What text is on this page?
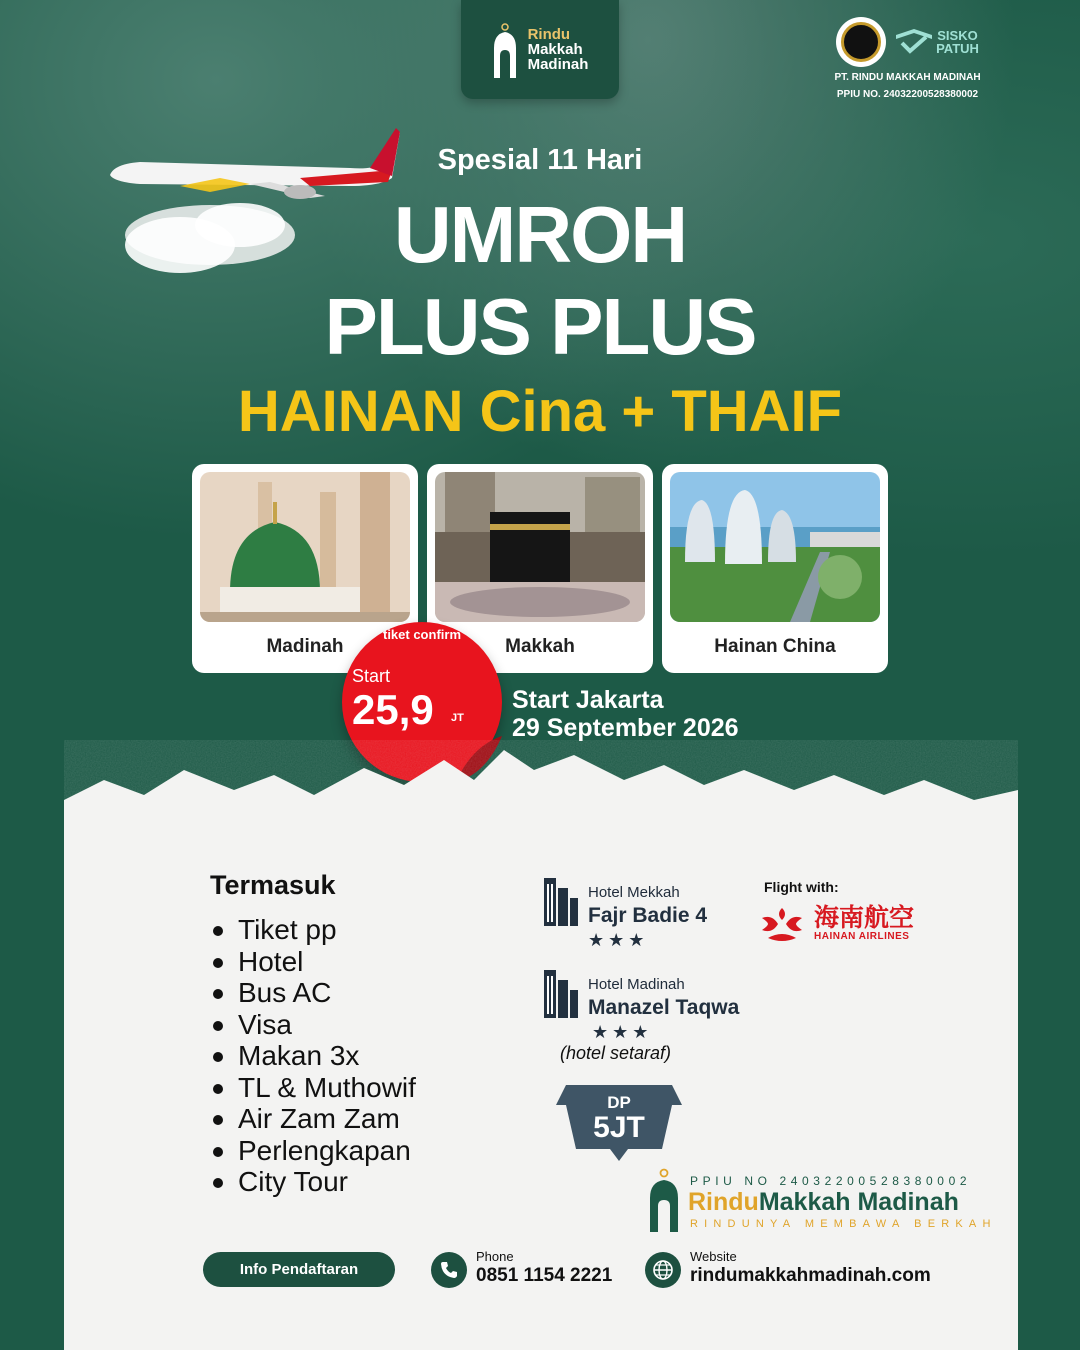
Rindu
Makkah
Madinah
SISKO
PATUH
PT. RINDU MAKKAH MADINAH
PPIU NO. 24032200528380002
Spesial 11 Hari
UMROH
PLUS PLUS
HAINAN Cina + THAIF
Madinah	Makkah	Hainan China
tiket confirm
Start
25,9 JT
Start Jakarta
29 September 2026
Termasuk
Tiket pp
Hotel
Bus AC
Visa
Makan 3x
TL & Muthowif
Air Zam Zam
Perlengkapan
City Tour
Hotel Mekkah
Fajr Badie 4
★★★
Hotel Madinah
Manazel Taqwa
★★★
(hotel setaraf)
Flight with:
海南航空
HAINAN AIRLINES
DP
5JT
PPIU NO 24032200528380002
RinduMakkah Madinah
RINDUNYA MEMBAWA BERKAH
Info Pendaftaran
Phone
0851 1154 2221
Website
rindumakkahmadinah.com
